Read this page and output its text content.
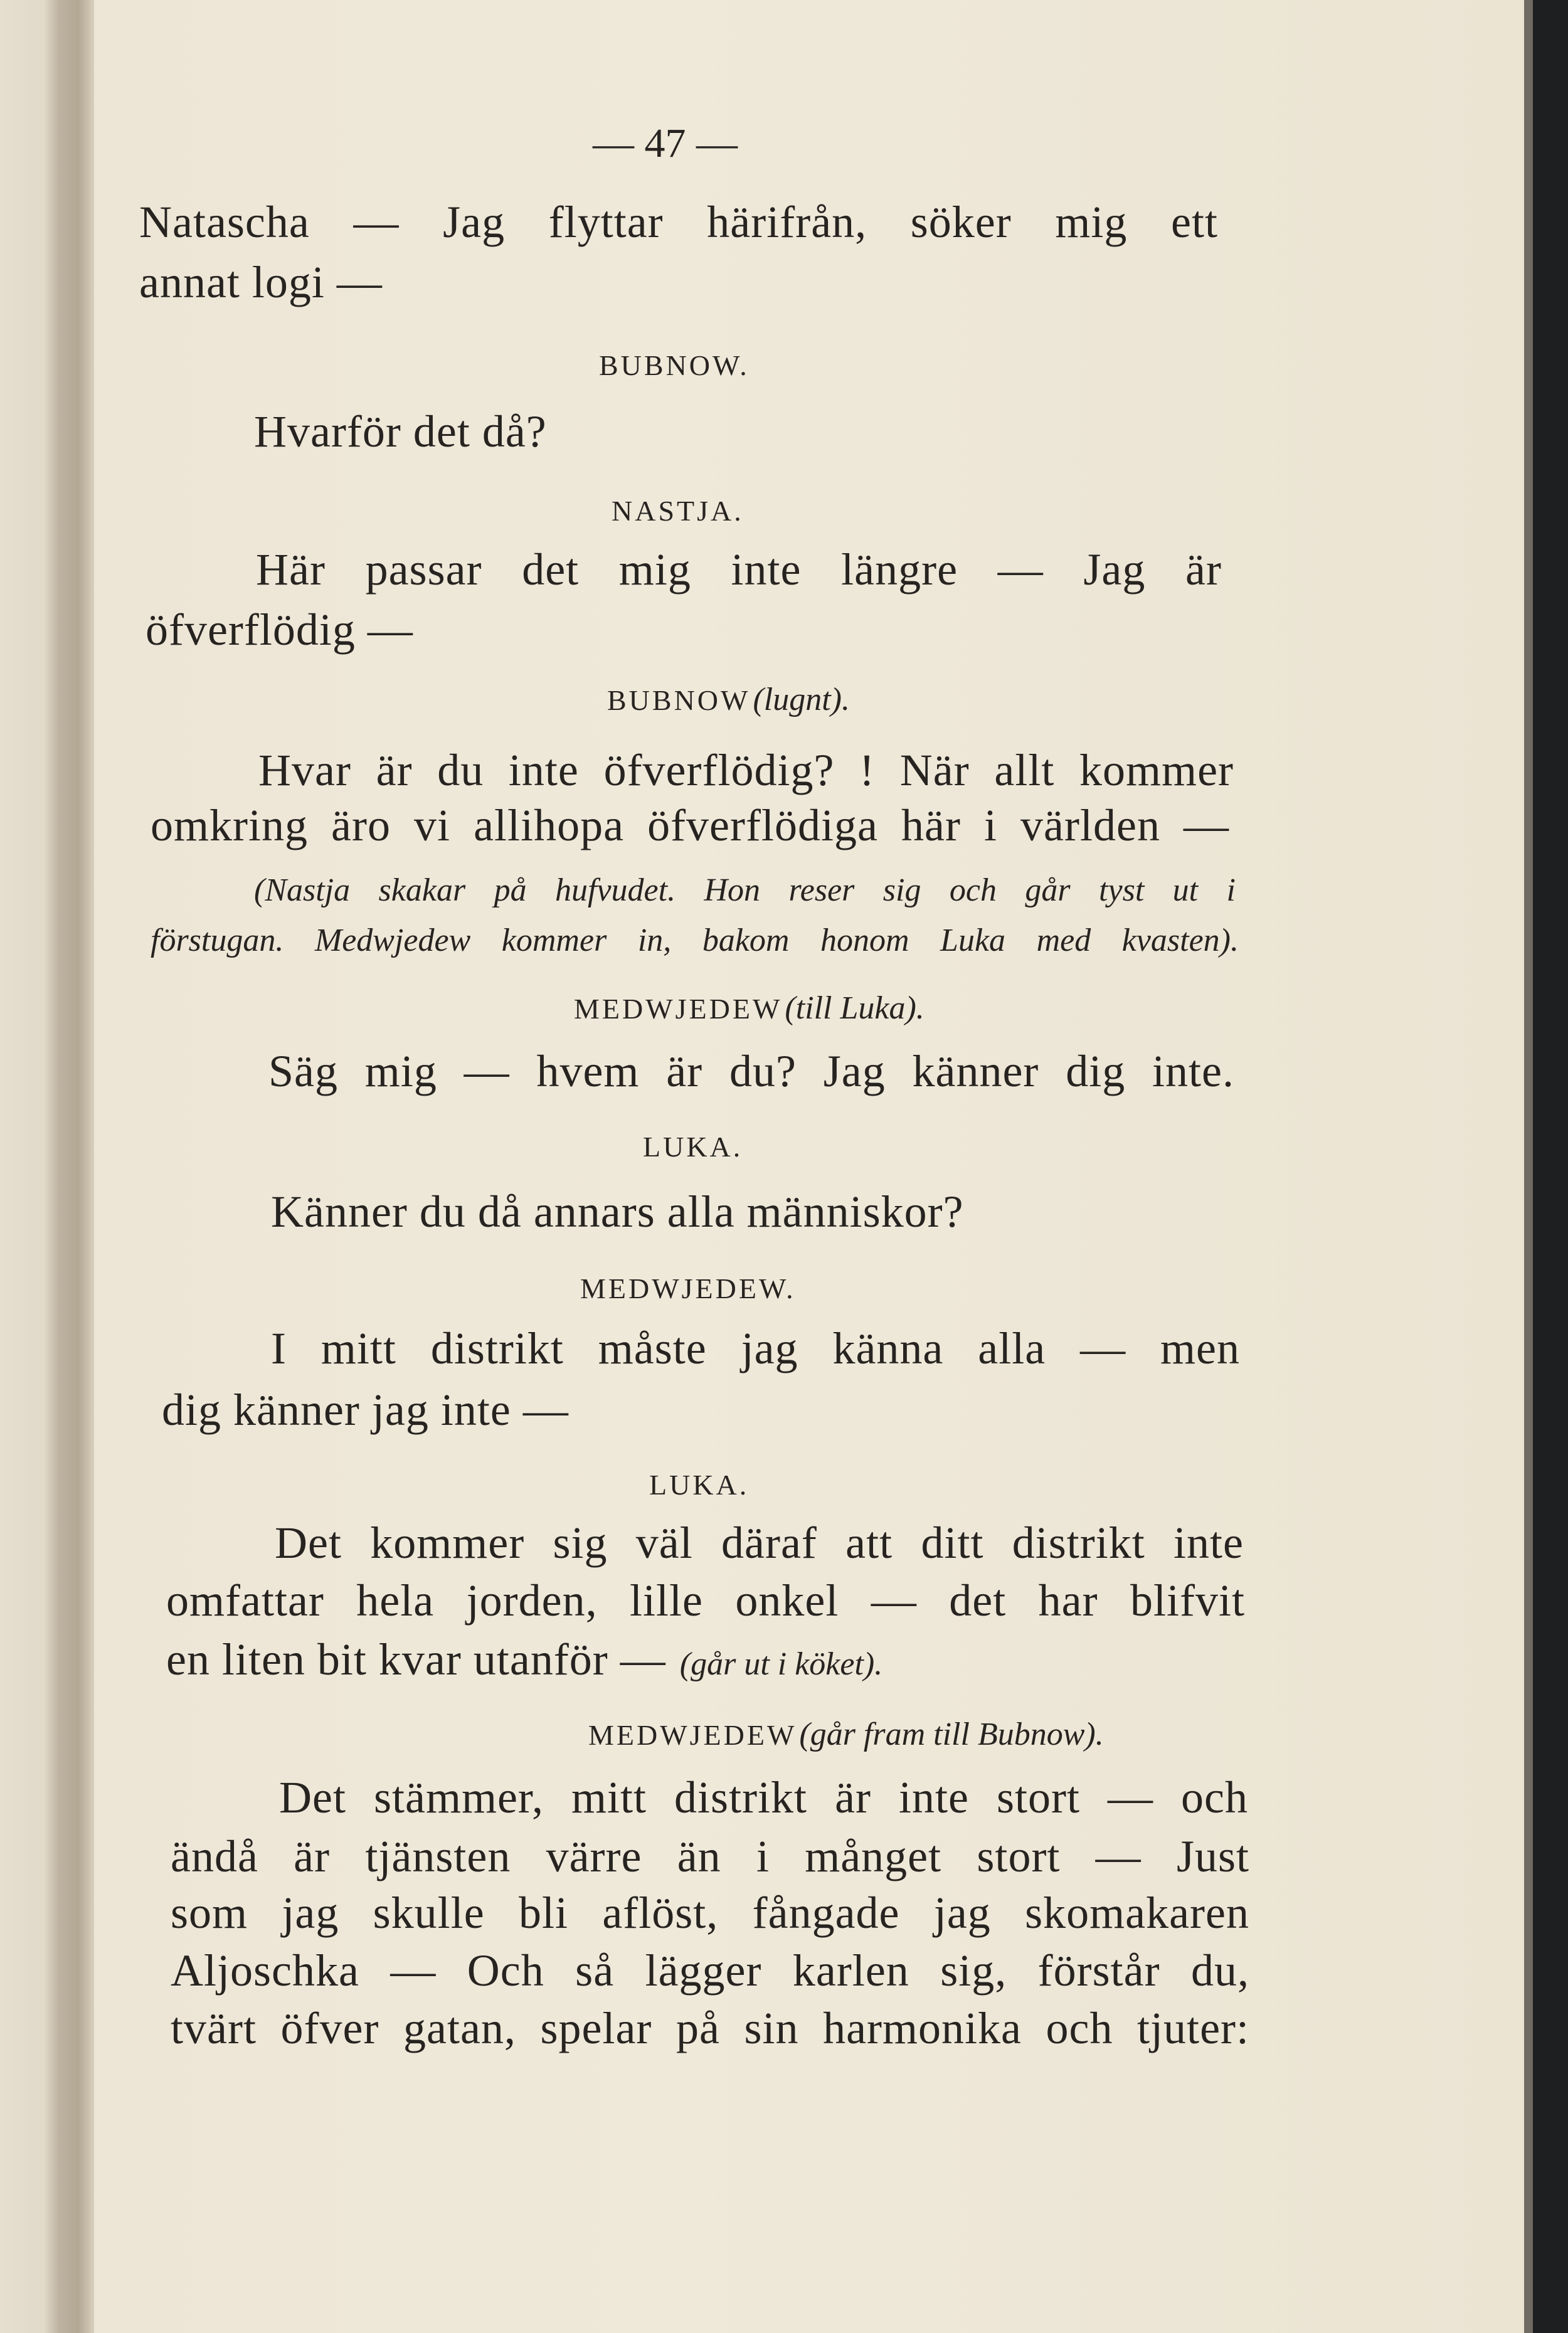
— 47 —

Natascha — Jag flyttar härifrån, söker mig ett

annat logi —

BUBNOW.

Hvarför det då?

NASTJA.

Här passar det mig inte längre — Jag är

öfverflödig —

BUBNOW (lugnt).

Hvar är du inte öfverflödig? ! När allt kommer

omkring äro vi allihopa öfverflödiga här i världen —

(Nastja skakar på hufvudet. Hon reser sig och går tyst ut i

förstugan. Medwjedew kommer in, bakom honom Luka med kvasten).

MEDWJEDEW (till Luka).

Säg mig — hvem är du? Jag känner dig inte.

LUKA.

Känner du då annars alla människor?

MEDWJEDEW.

I mitt distrikt måste jag känna alla — men

dig känner jag inte —

LUKA.

Det kommer sig väl däraf att ditt distrikt inte

omfattar hela jorden, lille onkel — det har blifvit

en liten bit kvar utanför — (går ut i köket).

MEDWJEDEW (går fram till Bubnow).

Det stämmer, mitt distrikt är inte stort — och

ändå är tjänsten värre än i månget stort — Just

som jag skulle bli aflöst, fångade jag skomakaren

Aljoschka — Och så lägger karlen sig, förstår du,

tvärt öfver gatan, spelar på sin harmonika och tjuter:
